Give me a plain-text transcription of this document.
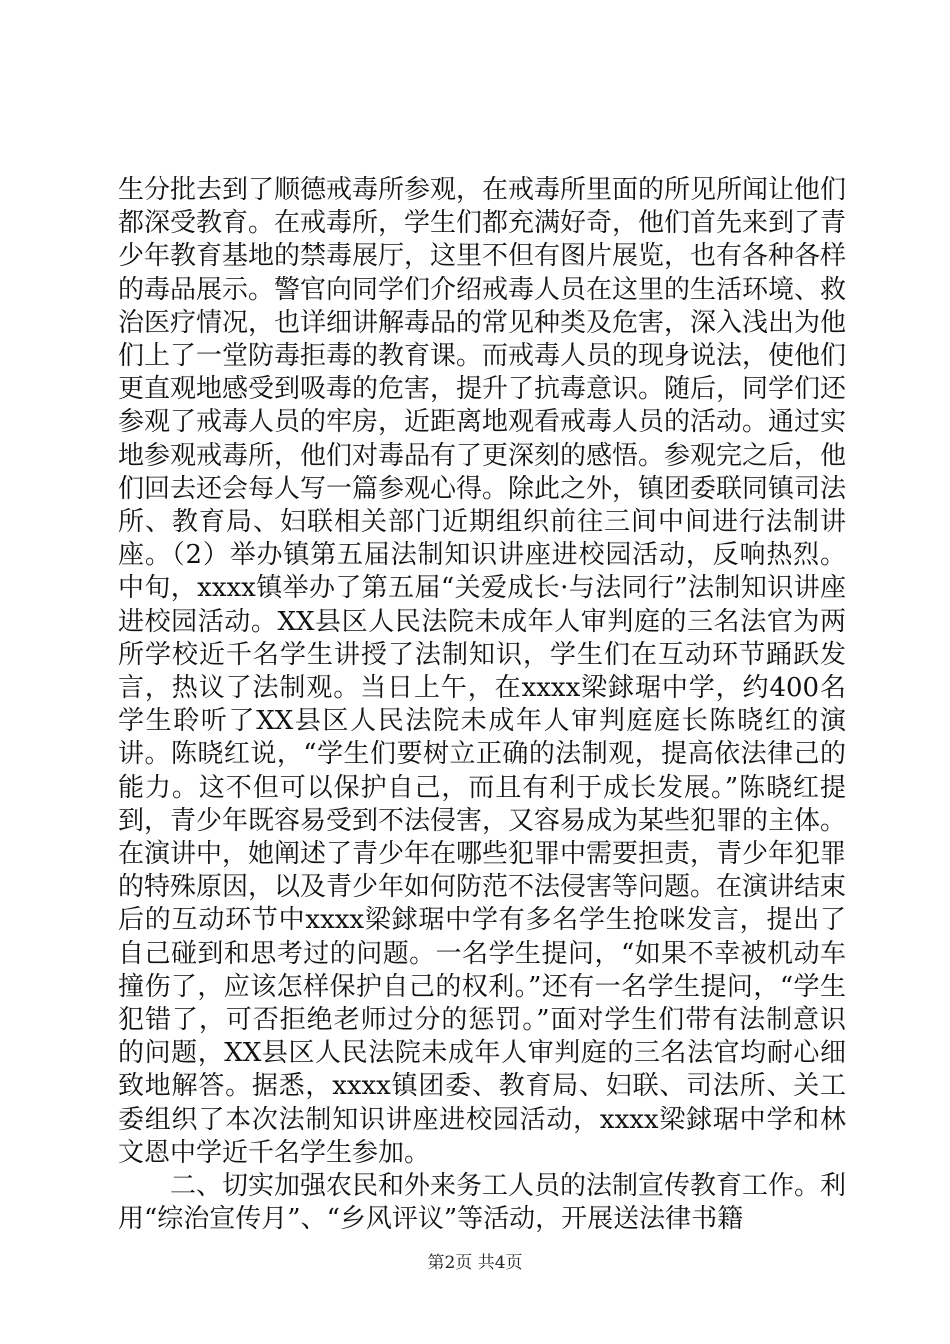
生分批去到了顺德戒毒所参观，在戒毒所里面的所见所闻让他们都深受教育。在戒毒所，学生们都充满好奇，他们首先来到了青少年教育基地的禁毒展厅，这里不但有图片展览，也有各种各样的毒品展示。警官向同学们介绍戒毒人员在这里的生活环境、救治医疗情况，也详细讲解毒品的常见种类及危害，深入浅出为他们上了一堂防毒拒毒的教育课。而戒毒人员的现身说法，使他们更直观地感受到吸毒的危害，提升了抗毒意识。随后，同学们还参观了戒毒人员的牢房，近距离地观看戒毒人员的活动。通过实地参观戒毒所，他们对毒品有了更深刻的感悟。参观完之后，他们回去还会每人写一篇参观心得。除此之外，镇团委联同镇司法所、教育局、妇联相关部门近期组织前往三间中间进行法制讲座。（2）举办镇第五届法制知识讲座进校园活动，反响热烈。中旬，xxxx镇举办了第五届“关爱成长·与法同行”法制知识讲座进校园活动。XX县区人民法院未成年人审判庭的三名法官为两所学校近千名学生讲授了法制知识，学生们在互动环节踊跃发言，热议了法制观。当日上午，在xxxx梁銶琚中学，约400名学生聆听了XX县区人民法院未成年人审判庭庭长陈晓红的演讲。陈晓红说，“学生们要树立正确的法制观，提高依法律己的能力。这不但可以保护自己，而且有利于成长发展。”陈晓红提到，青少年既容易受到不法侵害，又容易成为某些犯罪的主体。在演讲中，她阐述了青少年在哪些犯罪中需要担责，青少年犯罪的特殊原因，以及青少年如何防范不法侵害等问题。在演讲结束后的互动环节中xxxx梁銶琚中学有多名学生抢咪发言，提出了自己碰到和思考过的问题。一名学生提问，“如果不幸被机动车撞伤了，应该怎样保护自己的权利。”还有一名学生提问，“学生犯错了，可否拒绝老师过分的惩罚。”面对学生们带有法制意识的问题，XX县区人民法院未成年人审判庭的三名法官均耐心细致地解答。据悉，xxxx镇团委、教育局、妇联、司法所、关工委组织了本次法制知识讲座进校园活动，xxxx梁銶琚中学和林文恩中学近千名学生参加。

二、切实加强农民和外来务工人员的法制宣传教育工作。利用“综治宣传月”、“乡风评议”等活动，开展送法律书籍

第2页 共4页
